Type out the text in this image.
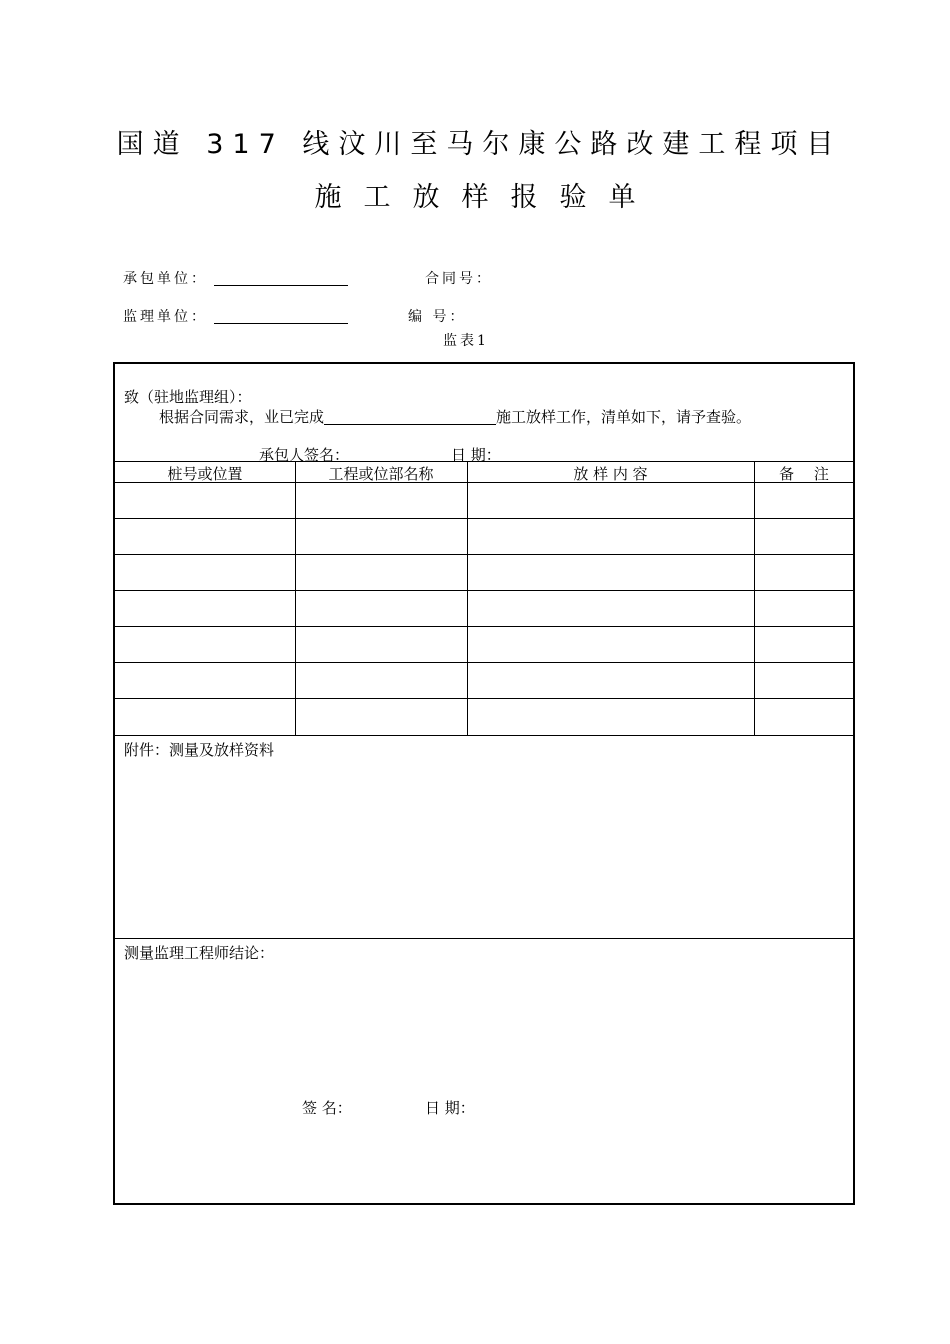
国道 317 线汶川至马尔康公路改建工程项目
施工放样报验单
承包单位：	合同号：
监理单位：	编 号：
监表1
致（驻地监理组）：
根据合同需求，业已完成	施工放样工作，清单如下，请予查验。
承包人签名：	日 期：
桩号或位置	工程或位部名称	放 样 内 容	备　 注
附件：测量及放样资料
测量监理工程师结论：
签 名：	日 期：
